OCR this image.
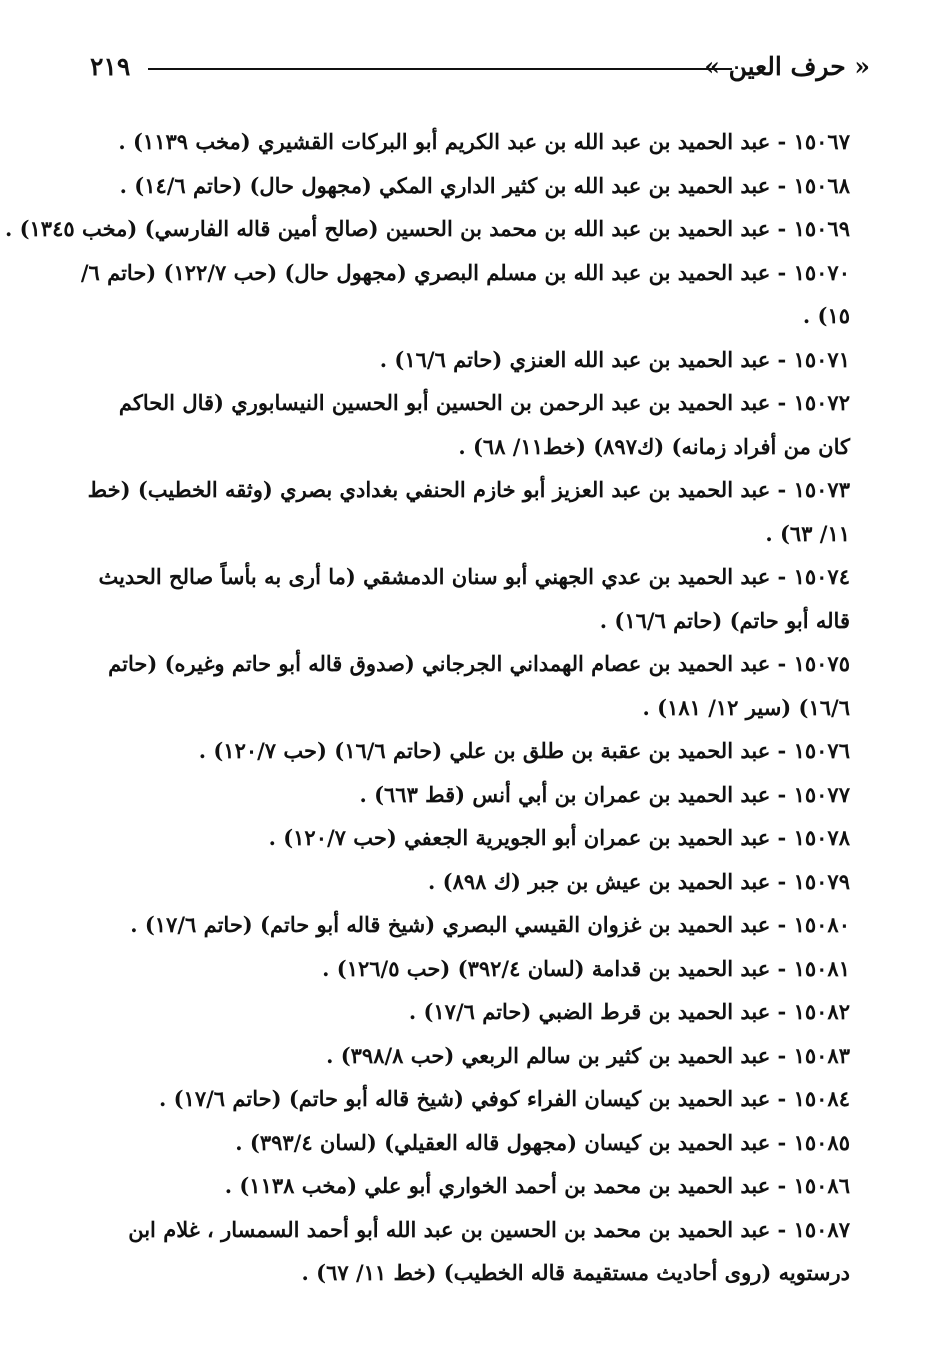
٢١٩	« حرف العين »
١٥٠٦٧ - عبد الحميد بن عبد الله بن عبد الكريم أبو البركات القشيري (مخب ١١٣٩) .
١٥٠٦٨ - عبد الحميد بن عبد الله بن كثير الداري المكي (مجهول حال) (حاتم ١٤/٦) .
١٥٠٦٩ - عبد الحميد بن عبد الله بن محمد بن الحسين (صالح أمين قاله الفارسي) (مخب ١٣٤٥) .
١٥٠٧٠ - عبد الحميد بن عبد الله بن مسلم البصري (مجهول حال) (حب ١٢٢/٧) (حاتم ٦/ ١٥) .
١٥٠٧١ - عبد الحميد بن عبد الله العنزي (حاتم ١٦/٦) .
١٥٠٧٢ - عبد الحميد بن عبد الرحمن بن الحسين أبو الحسين النيسابوري (قال الحاكم كان من أفراد زمانه) (ك٨٩٧) (خط١١/ ٦٨) .
١٥٠٧٣ - عبد الحميد بن عبد العزيز أبو خازم الحنفي بغدادي بصري (وثقه الخطيب) (خط ١١/ ٦٣) .
١٥٠٧٤ - عبد الحميد بن عدي الجهني أبو سنان الدمشقي (ما أرى به بأساً صالح الحديث قاله أبو حاتم) (حاتم ١٦/٦) .
١٥٠٧٥ - عبد الحميد بن عصام الهمداني الجرجاني (صدوق قاله أبو حاتم وغيره) (حاتم ١٦/٦) (سير ١٢/ ١٨١) .
١٥٠٧٦ - عبد الحميد بن عقبة بن طلق بن علي (حاتم ١٦/٦) (حب ١٢٠/٧) .
١٥٠٧٧ - عبد الحميد بن عمران بن أبي أنس (قط ٦٦٣) .
١٥٠٧٨ - عبد الحميد بن عمران أبو الجويرية الجعفي (حب ١٢٠/٧) .
١٥٠٧٩ - عبد الحميد بن عيش بن جبر (ك ٨٩٨) .
١٥٠٨٠ - عبد الحميد بن غزوان القيسي البصري (شيخ قاله أبو حاتم) (حاتم ١٧/٦) .
١٥٠٨١ - عبد الحميد بن قدامة (لسان ٣٩٢/٤) (حب ١٢٦/٥) .
١٥٠٨٢ - عبد الحميد بن قرط الضبي (حاتم ١٧/٦) .
١٥٠٨٣ - عبد الحميد بن كثير بن سالم الربعي (حب ٣٩٨/٨) .
١٥٠٨٤ - عبد الحميد بن كيسان الفراء كوفي (شيخ قاله أبو حاتم) (حاتم ١٧/٦) .
١٥٠٨٥ - عبد الحميد بن كيسان (مجهول قاله العقيلي) (لسان ٣٩٣/٤) .
١٥٠٨٦ - عبد الحميد بن محمد بن أحمد الخواري أبو علي (مخب ١١٣٨) .
١٥٠٨٧ - عبد الحميد بن محمد بن الحسين بن عبد الله أبو أحمد السمسار ، غلام ابن درستويه (روى أحاديث مستقيمة قاله الخطيب) (خط ١١/ ٦٧) .
